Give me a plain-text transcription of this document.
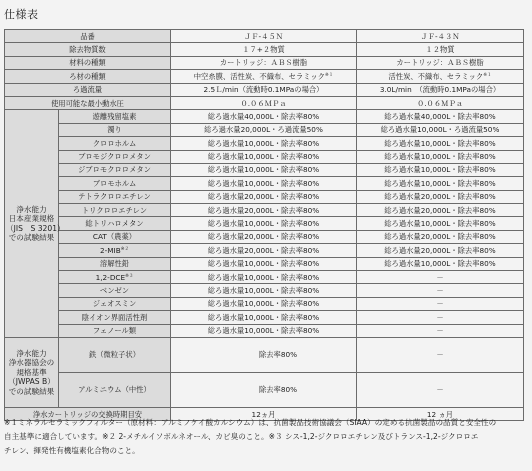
仕様表
品番		ＪＦ-４５Ｎ	ＪＦ-４３Ｎ
除去物質数		１７+２物質	１２物質
材料の種類		カートリッジ：ＡＢＳ樹脂	カートリッジ：ＡＢＳ樹脂
ろ材の種類		中空糸膜、活性炭、不織布、セラミック$^{※1}$	活性炭、不織布、セラミック$^{※1}$
ろ過流量		2.5Ｌ/min（流動時0.1MPaの場合）	3.0L/min　（流動時0.1MPaの場合）
使用可能な最小動水圧		０.０６ＭＰａ	０.０６ＭＰａ
浄水能力
日本産業規格
（JIS　S 3201）
での試験結果	遊離残留塩素	総ろ過水量40,000L・除去率80%	総ろ過水量40,000L・除去率80%
	濁り	総ろ過水量20,000L・ろ過流量50%	総ろ過水量10,000L・ろ過流量50%
	クロロホルム	総ろ過水量10,000L・除去率80%	総ろ過水量10,000L・除去率80%
	ブロモジクロロメタン	総ろ過水量10,000L・除去率80%	総ろ過水量10,000L・除去率80%
	ジブロモクロロメタン	総ろ過水量10,000L・除去率80%	総ろ過水量10,000L・除去率80%
	ブロモホルム	総ろ過水量10,000L・除去率80%	総ろ過水量10,000L・除去率80%
	テトラクロロエチレン	総ろ過水量20,000L・除去率80%	総ろ過水量20,000L・除去率80%
	トリクロロエチレン	総ろ過水量20,000L・除去率80%	総ろ過水量20,000L・除去率80%
	総トリハロメタン	総ろ過水量10,000L・除去率80%	総ろ過水量10,000L・除去率80%
	CAT（農薬）	総ろ過水量20,000L・除去率80%	総ろ過水量20,000L・除去率80%
	2-MIB$^{※2}$	総ろ過水量20,000L・除去率80%	総ろ過水量20,000L・除去率80%
	溶解性鉛	総ろ過水量10,000L・除去率80%	総ろ過水量10,000L・除去率80%
	1,2-DCE$^{※3}$	総ろ過水量10,000L・除去率80%	－
	ベンゼン	総ろ過水量10,000L・除去率80%	－
	ジェオスミン	総ろ過水量10,000L・除去率80%	－
	陰イオン界面活性剤	総ろ過水量10,000L・除去率80%	－
	フェノール類	総ろ過水量10,000L・除去率80%	－
浄水能力
浄水器協会の
規格基準
（JWPAS B）
での試験結果	鉄（微粒子状）	除去率80%	－
	アルミニウム（中性）	除去率80%	－
浄水カートリッジの交換時期目安		12ヵ月	12 ヵ月
※１ミネラルセラミックフィルター（原材料：アルミノケイ酸カルシウム）は、抗菌製品技術協議会（SIAA）の定める抗菌製品の品質と安全性の
自主基準に適合しています。※２ 2-メチルイソボルネオール、カビ臭のこと。※３ シス-1,2-ジクロロエチレン及びトランス-1,2-ジクロロエ
チレン、揮発性有機塩素化合物のこと。
